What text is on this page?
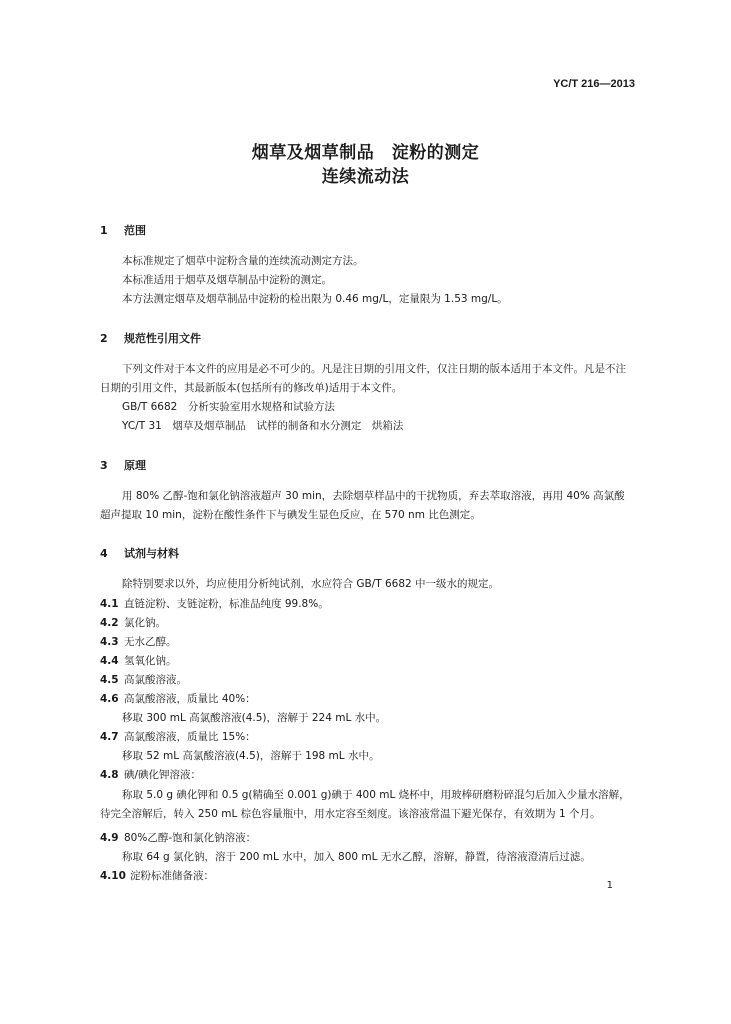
YC/T 216—2013
烟草及烟草制品　淀粉的测定
连续流动法
1 范围
本标准规定了烟草中淀粉含量的连续流动测定方法。
本标准适用于烟草及烟草制品中淀粉的测定。
本方法测定烟草及烟草制品中淀粉的检出限为 0.46 mg/L，定量限为 1.53 mg/L。
2 规范性引用文件
下列文件对于本文件的应用是必不可少的。凡是注日期的引用文件，仅注日期的版本适用于本文件。凡是不注日期的引用文件，其最新版本(包括所有的修改单)适用于本文件。
GB/T 6682　分析实验室用水规格和试验方法
YC/T 31　烟草及烟草制品　试样的制备和水分测定　烘箱法
3 原理
用 80% 乙醇-饱和氯化钠溶液超声 30 min，去除烟草样品中的干扰物质，弃去萃取溶液，再用 40% 高氯酸超声提取 10 min，淀粉在酸性条件下与碘发生显色反应，在 570 nm 比色测定。
4 试剂与材料
除特别要求以外，均应使用分析纯试剂，水应符合 GB/T 6682 中一级水的规定。
4.1 直链淀粉、支链淀粉，标准品纯度 99.8%。
4.2 氯化钠。
4.3 无水乙醇。
4.4 氢氧化钠。
4.5 高氯酸溶液。
4.6 高氯酸溶液，质量比 40%：
移取 300 mL 高氯酸溶液(4.5)，溶解于 224 mL 水中。
4.7 高氯酸溶液，质量比 15%：
移取 52 mL 高氯酸溶液(4.5)，溶解于 198 mL 水中。
4.8 碘/碘化钾溶液：
称取 5.0 g 碘化钾和 0.5 g(精确至 0.001 g)碘于 400 mL 烧杯中，用玻棒研磨粉碎混匀后加入少量水溶解，待完全溶解后，转入 250 mL 棕色容量瓶中，用水定容至刻度。该溶液常温下避光保存，有效期为 1 个月。
4.9 80%乙醇-饱和氯化钠溶液：
称取 64 g 氯化钠，溶于 200 mL 水中，加入 800 mL 无水乙醇，溶解，静置，待溶液澄清后过滤。
4.10 淀粉标准储备液：
1
